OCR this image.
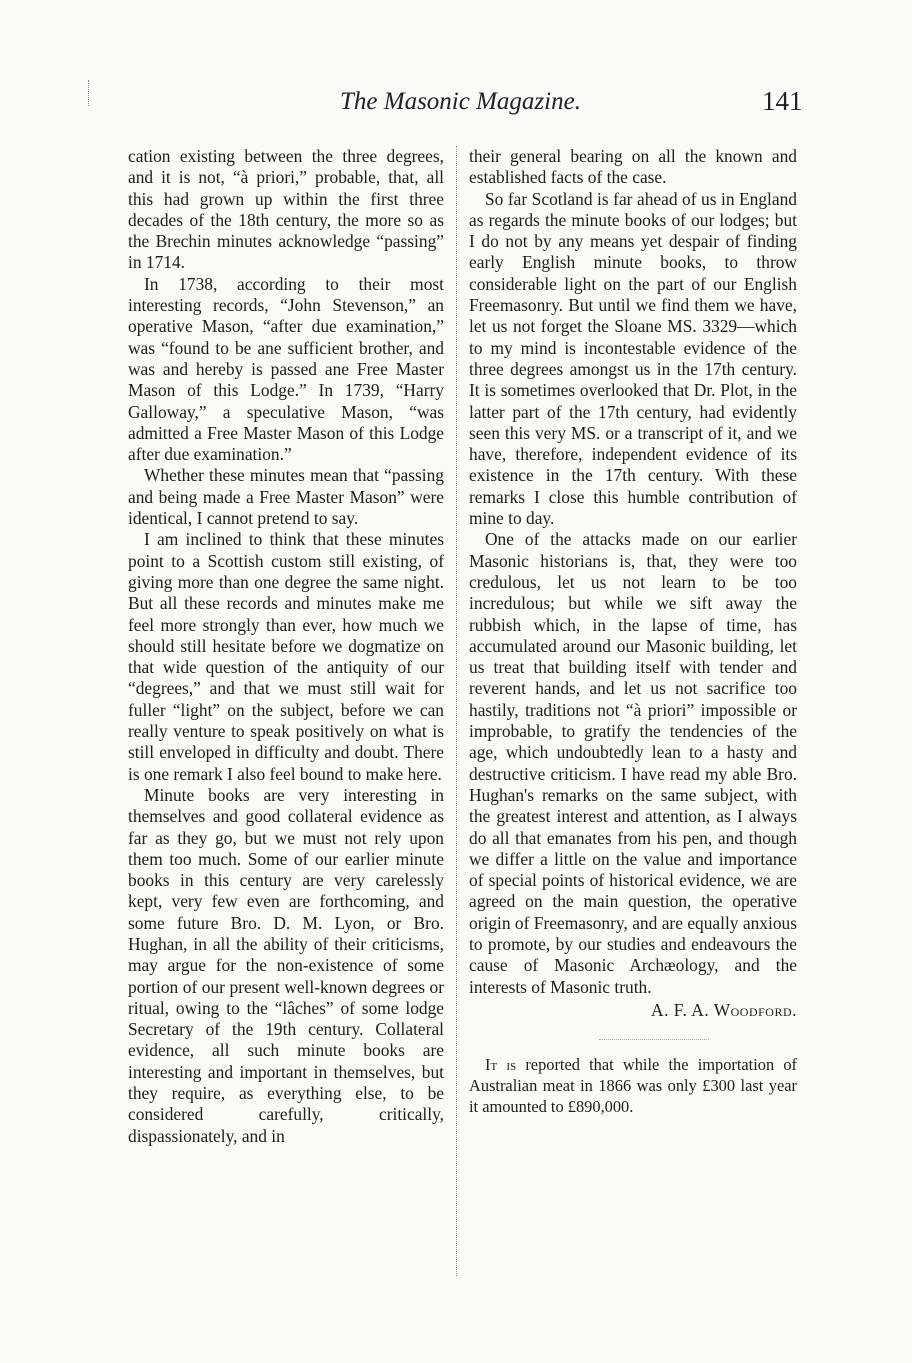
The Masonic Magazine.	141

cation existing between the three degrees, and it is not, “à priori,” probable, that, all this had grown up within the first three decades of the 18th century, the more so as the Brechin minutes acknowledge “passing” in 1714.

In 1738, according to their most interesting records, “John Stevenson,” an operative Mason, “after due examination,” was “found to be ane sufficient brother, and was and hereby is passed ane Free Master Mason of this Lodge.” In 1739, “Harry Galloway,” a speculative Mason, “was admitted a Free Master Mason of this Lodge after due examination.”

Whether these minutes mean that “passing and being made a Free Master Mason” were identical, I cannot pretend to say.

I am inclined to think that these minutes point to a Scottish custom still existing, of giving more than one degree the same night. But all these records and minutes make me feel more strongly than ever, how much we should still hesitate before we dogmatize on that wide question of the antiquity of our “degrees,” and that we must still wait for fuller “light” on the subject, before we can really venture to speak positively on what is still enveloped in difficulty and doubt. There is one remark I also feel bound to make here.

Minute books are very interesting in themselves and good collateral evidence as far as they go, but we must not rely upon them too much. Some of our earlier minute books in this century are very carelessly kept, very few even are forthcoming, and some future Bro. D. M. Lyon, or Bro. Hughan, in all the ability of their criticisms, may argue for the non-existence of some portion of our present well-known degrees or ritual, owing to the “lâches” of some lodge Secretary of the 19th century. Collateral evidence, all such minute books are interesting and important in themselves, but they require, as everything else, to be considered carefully, critically, dispassionately, and in

their general bearing on all the known and established facts of the case.

So far Scotland is far ahead of us in England as regards the minute books of our lodges; but I do not by any means yet despair of finding early English minute books, to throw considerable light on the part of our English Freemasonry. But until we find them we have, let us not forget the Sloane MS. 3329—which to my mind is incontestable evidence of the three degrees amongst us in the 17th century. It is sometimes overlooked that Dr. Plot, in the latter part of the 17th century, had evidently seen this very MS. or a transcript of it, and we have, therefore, independent evidence of its existence in the 17th century. With these remarks I close this humble contribution of mine to day.

One of the attacks made on our earlier Masonic historians is, that, they were too credulous, let us not learn to be too incredulous; but while we sift away the rubbish which, in the lapse of time, has accumulated around our Masonic building, let us treat that building itself with tender and reverent hands, and let us not sacrifice too hastily, traditions not “à priori” impossible or improbable, to gratify the tendencies of the age, which undoubtedly lean to a hasty and destructive criticism. I have read my able Bro. Hughan's remarks on the same subject, with the greatest interest and attention, as I always do all that emanates from his pen, and though we differ a little on the value and importance of special points of historical evidence, we are agreed on the main question, the operative origin of Freemasonry, and are equally anxious to promote, by our studies and endeavours the cause of Masonic Archæology, and the interests of Masonic truth.

A. F. A. Woodford.

It is reported that while the importation of Australian meat in 1866 was only £300 last year it amounted to £890,000.
